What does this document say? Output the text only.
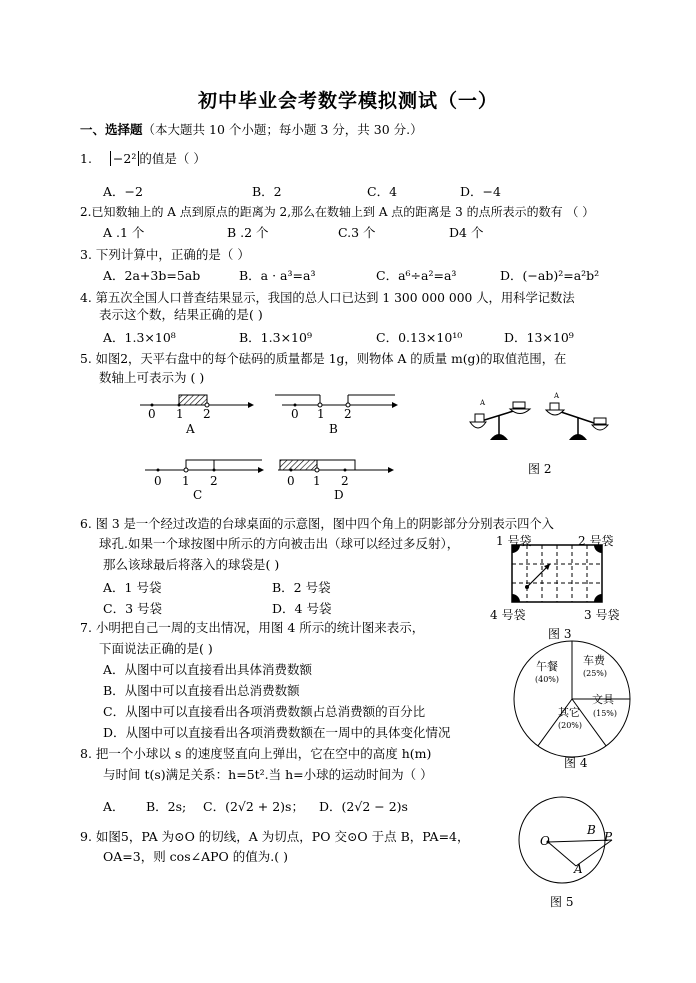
初中毕业会考数学模拟测试（一）
一、选择题（本大题共 10 个小题；每小题 3 分，共 30 分.）
1. −2² 的值是（ ）
A．−2	B．2	C．4	D．−4
2.已知数轴上的 A 点到原点的距离为 2,那么在数轴上到 A 点的距离是 3 的点所表示的数有 （ ）
A .1 个	B .2 个	C.3 个	D4 个
3. 下列计算中，正确的是（ ）
A．2a+3b=5ab	B．a · a³=a³	C．a⁶÷a²=a³	D．(−ab)²=a²b²
4. 第五次全国人口普查结果显示，我国的总人口已达到 1 300 000 000 人，用科学记数法
表示这个数，结果正确的是( )
A．1.3×10⁸	B．1.3×10⁹	C．0.13×10¹⁰	D．13×10⁹
5. 如图2，天平右盘中的每个砝码的质量都是 1g，则物体 A 的质量 m(g)的取值范围，在
数轴上可表示为 ( )
0 1 2
A
0 1 2
B
0 1 2
C
0 1 2
D
A
A
图 2
6. 图 3 是一个经过改造的台球桌面的示意图，图中四个角上的阴影部分分别表示四个入
球孔.如果一个球按图中所示的方向被击出（球可以经过多反射），
那么该球最后将落入的球袋是( )
A．1 号袋	B．2 号袋
C．3 号袋	D．4 号袋
1 号袋	2 号袋
4 号袋	3 号袋
图 3
7. 小明把自己一周的支出情况，用图 4 所示的统计图来表示，
下面说法正确的是( )
A．从图中可以直接看出具体消费数额
B．从图中可以直接看出总消费数额
C．从图中可以直接看出各项消费数额占总消费额的百分比
D．从图中可以直接看出各项消费数额在一周中的具体变化情况
午餐
(40%)
车费
(25%)
文具
(15%)
其它
(20%)
图 4
8. 把一个小球以 s 的速度竖直向上弹出，它在空中的高度 h(m)
与时间 t(s)满足关系：h=5t².当 h=小球的运动时间为（ ）
A． B．2s; C．(2√2 + 2)s； D．(2√2 − 2)s
9. 如图5，PA 为⊙O 的切线，A 为切点，PO 交⊙O 于点 B，PA=4，
OA=3，则 cos∠APO 的值为.( )
O
B P
A
图 5
